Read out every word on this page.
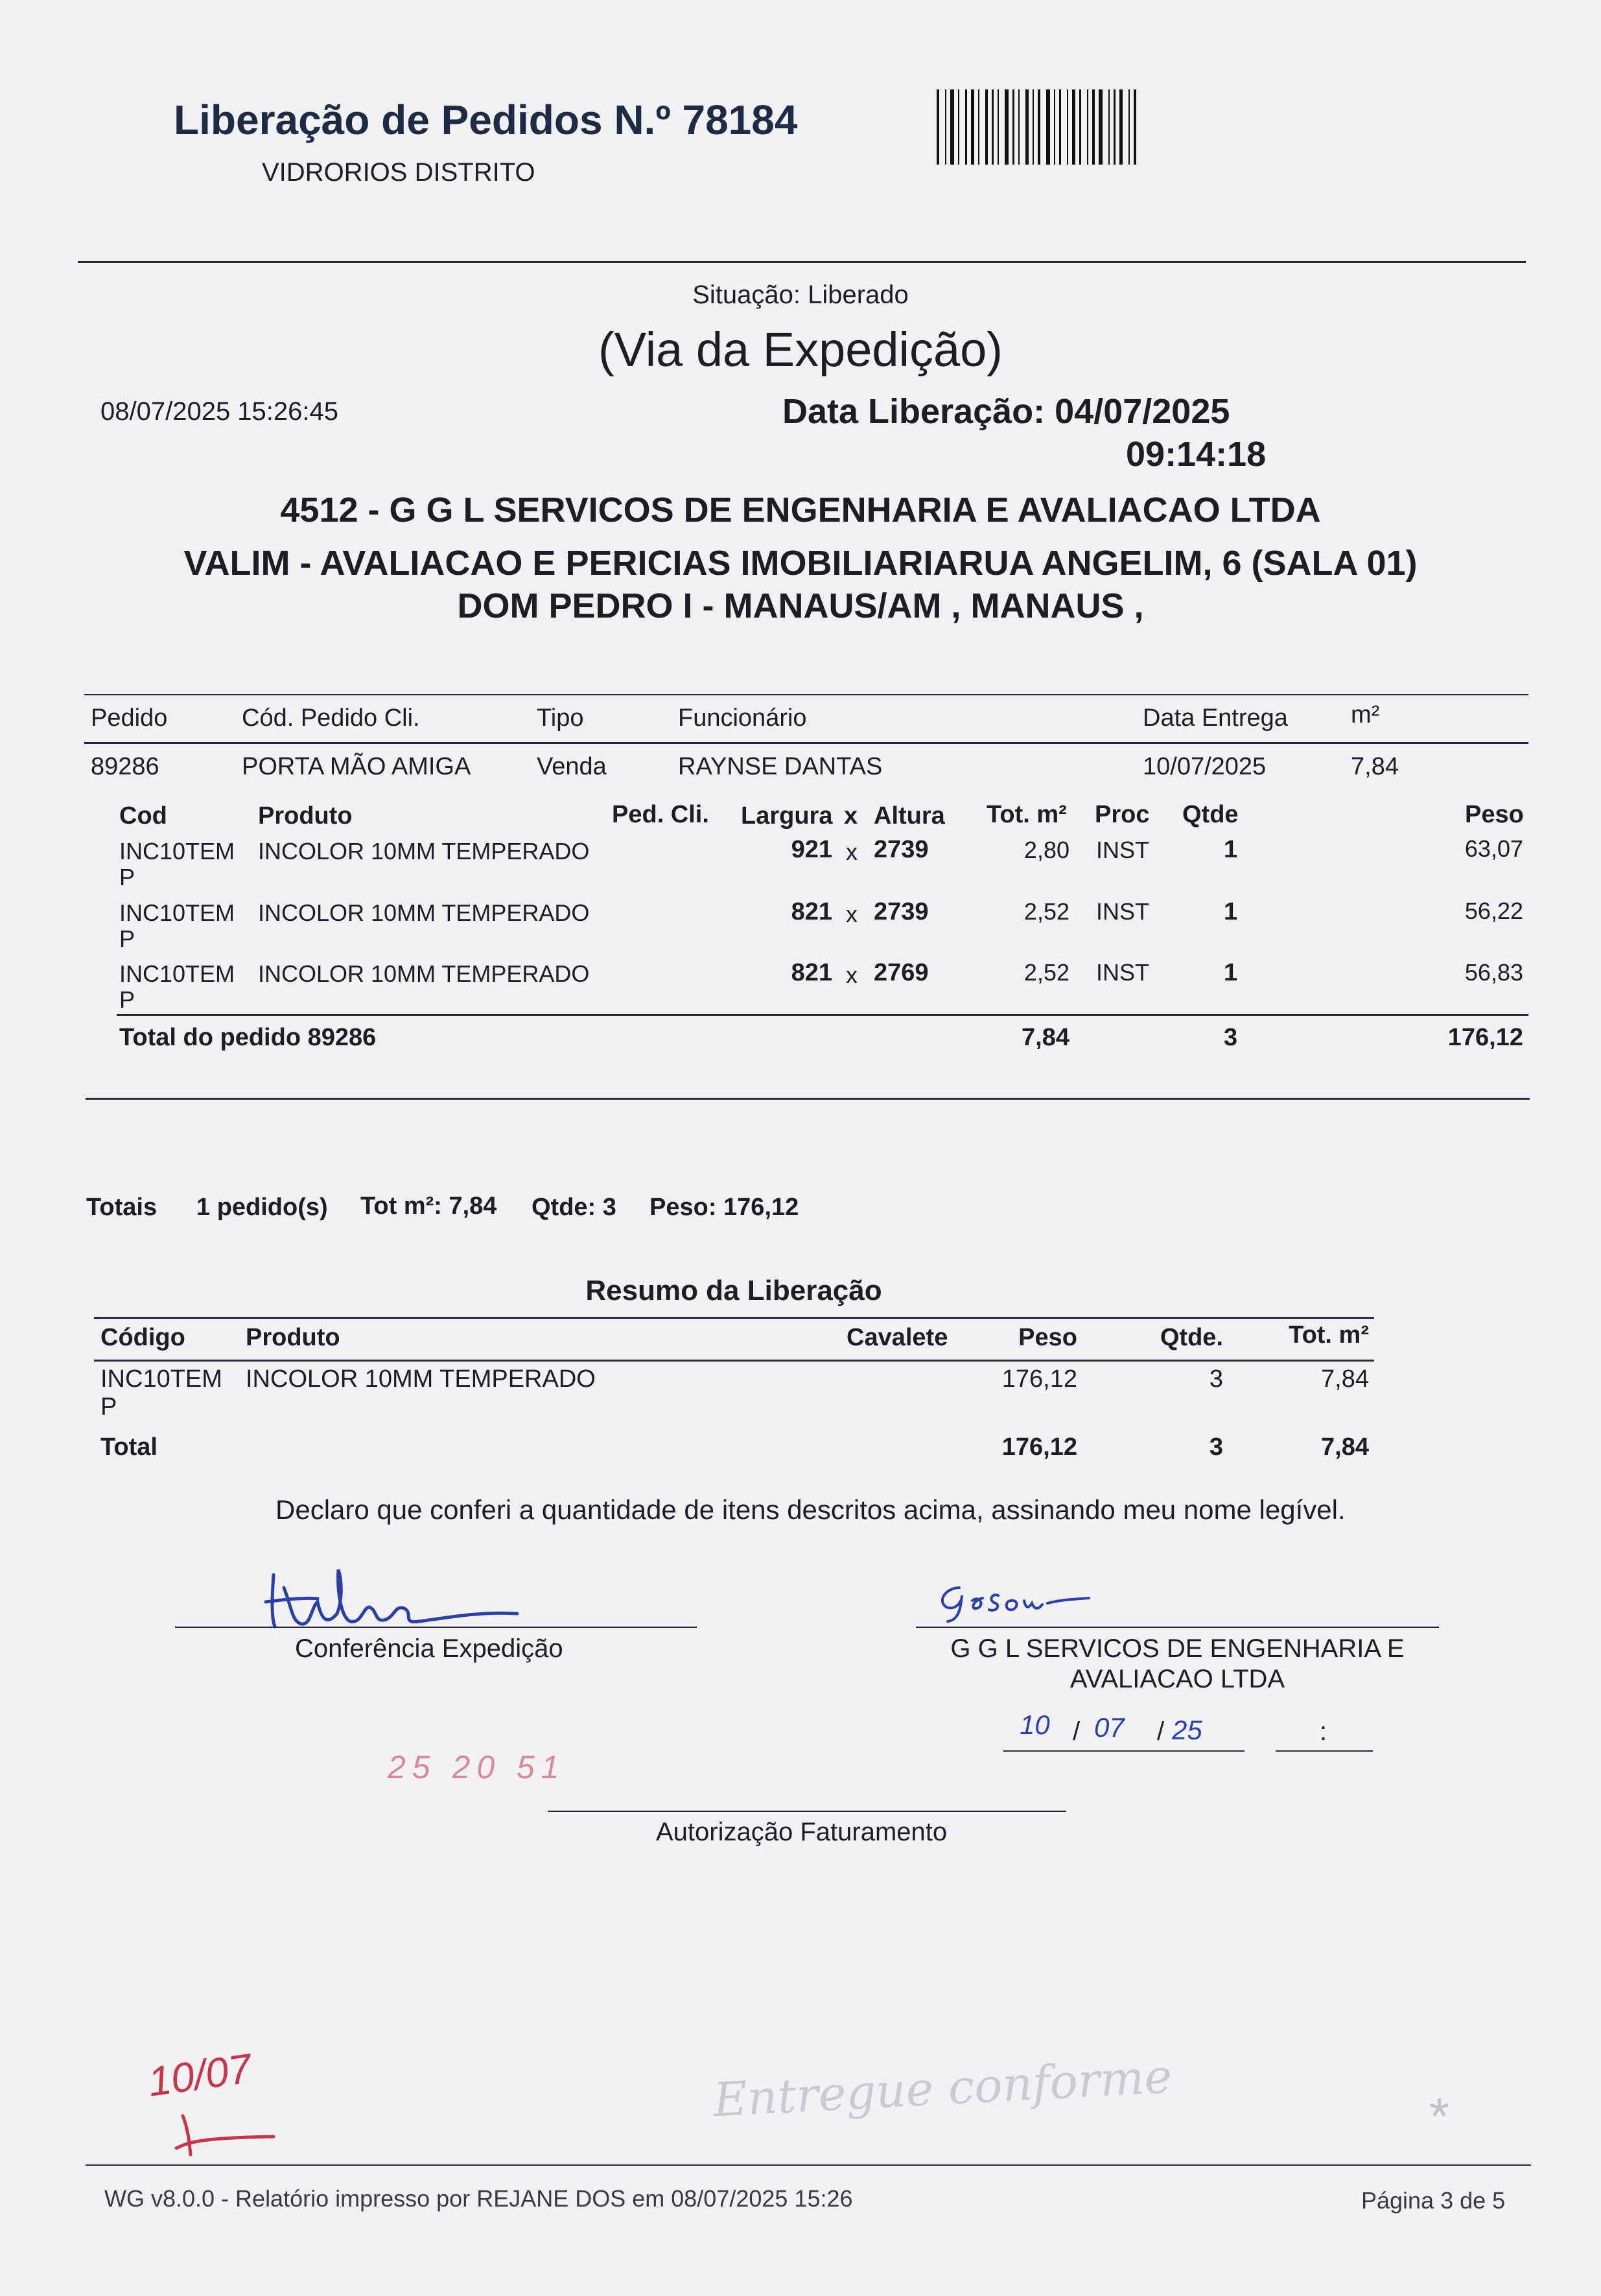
Liberação de Pedidos N.º 78184
VIDRORIOS DISTRITO
Situação: Liberado
(Via da Expedição)
08/07/2025 15:26:45	Data Liberação: 04/07/2025
09:14:18
4512 - G G L SERVICOS DE ENGENHARIA E AVALIACAO LTDA
VALIM - AVALIACAO E PERICIAS IMOBILIARIARUA ANGELIM, 6 (SALA 01)
DOM PEDRO I - MANAUS/AM , MANAUS ,
Pedido	Cód. Pedido Cli.	Tipo	Funcionário	Data Entrega	m²
89286	PORTA MÃO AMIGA	Venda	RAYNSE DANTAS	10/07/2025	7,84
Cod	Produto	Ped. Cli. Largura x Altura Tot. m² Proc Qtde	Peso
INC10TEM
P
INCOLOR 10MM TEMPERADO	921 x 2739	2,80 INST	1	63,07
INC10TEM
P
INCOLOR 10MM TEMPERADO	821 x 2739	2,52 INST	1	56,22
INC10TEM
P
INCOLOR 10MM TEMPERADO	821 x 2769	2,52 INST	1	56,83
Total do pedido 89286	7,84	3	176,12
Totais 1 pedido(s) Tot m²: 7,84 Qtde: 3 Peso: 176,12
Resumo da Liberação
Código Produto	Cavalete	Peso	Qtde.	Tot. m²
INC10TEM
P
INCOLOR 10MM TEMPERADO	176,12	3	7,84
Total	176,12	3	7,84
Declaro que conferi a quantidade de itens descritos acima, assinando meu nome legível.
Conferência Expedição	G G L SERVICOS DE ENGENHARIA E
AVALIACAO LTDA
10 / 07 / 25	:
25 20 51
Autorização Faturamento
Entregue conforme	*
10/07
WG v8.0.0 - Relatório impresso por REJANE DOS em 08/07/2025 15:26	Página 3 de 5
